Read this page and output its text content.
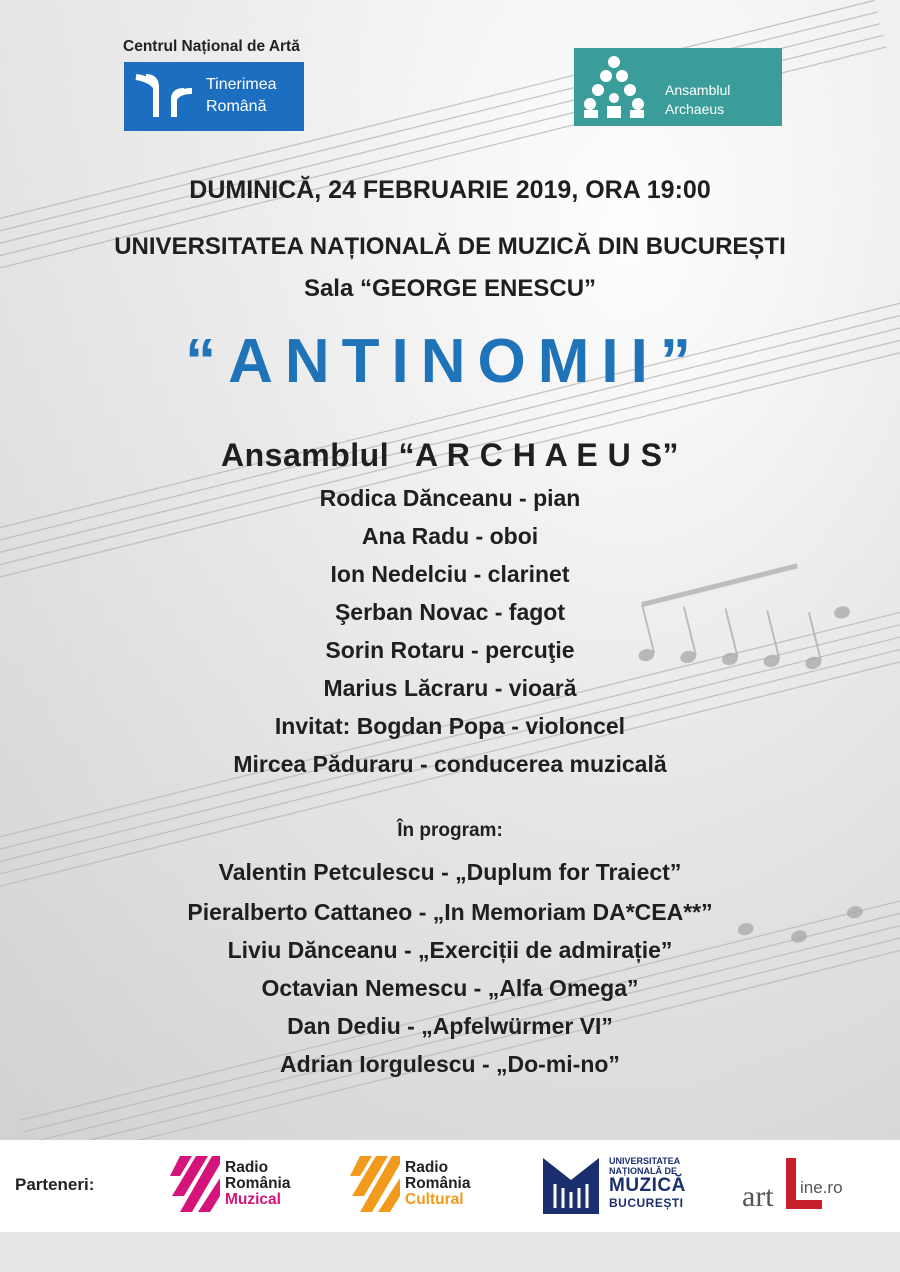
Centrul Național de Artă
Tinerimea
Română
Ansamblul
Archaeus
DUMINICĂ, 24 FEBRUARIE 2019, ORA 19:00
UNIVERSITATEA NAȚIONALĂ DE MUZICĂ DIN BUCUREȘTI
Sala “GEORGE ENESCU”
“ANTINOMII”
Ansamblul “A R C H A E U S”
Rodica Dănceanu - pian
Ana Radu - oboi
Ion Nedelciu - clarinet
Şerban Novac - fagot
Sorin Rotaru - percuţie
Marius Lăcraru - vioară
Invitat: Bogdan Popa - violoncel
Mircea Păduraru - conducerea muzicală
În program:
Valentin Petculescu - „Duplum for Traiect”
Pieralberto Cattaneo - „In Memoriam DA*CEA**”
Liviu Dănceanu - „Exerciții de admirație”
Octavian Nemescu - „Alfa Omega”
Dan Dediu - „Apfelwürmer VI”
Adrian Iorgulescu - „Do-mi-no”
Parteneri:
Radio
România
Muzical
Radio
România
Cultural
UNIVERSITATEA
NAȚIONALĂ DE
MUZICĂ
BUCUREȘTI art ine.ro
